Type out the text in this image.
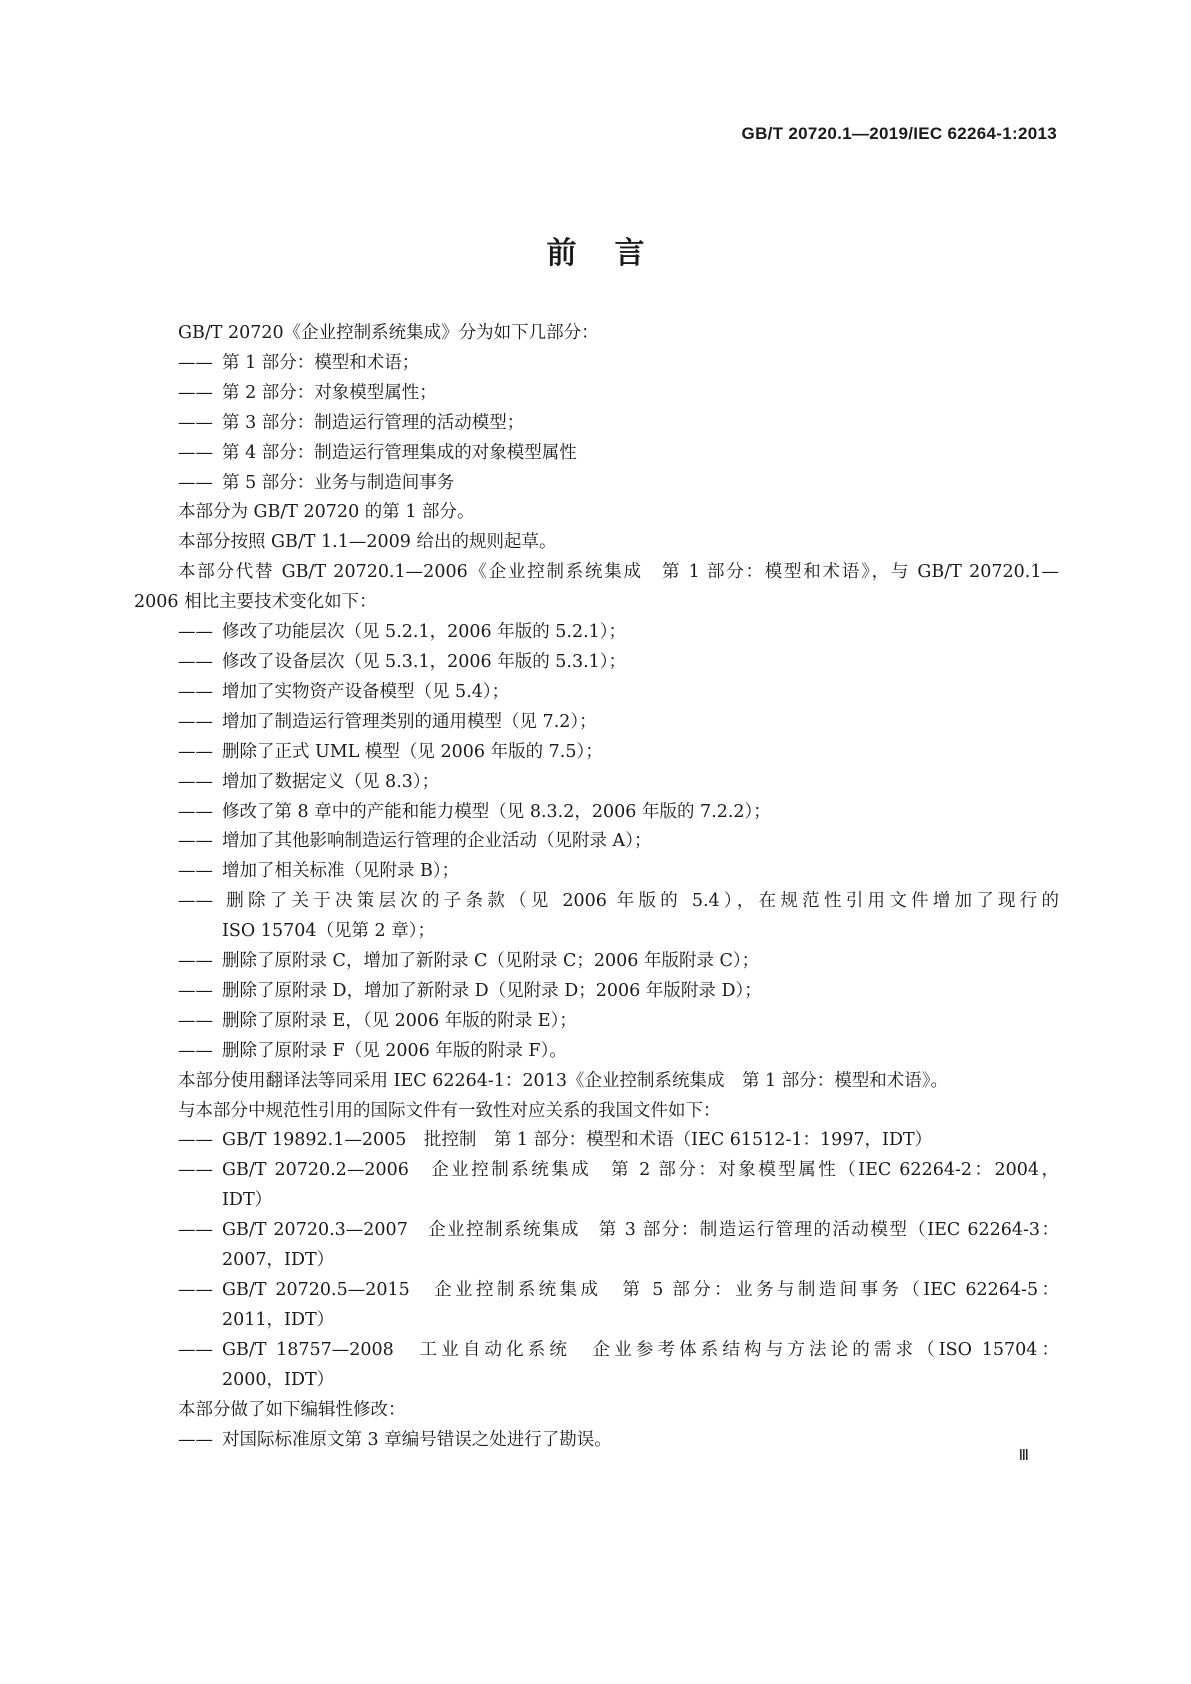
GB/T 20720.1—2019/IEC 62264-1:2013
前言

GB/T 20720《企业控制系统集成》分为如下几部分：

—— 第 1 部分：模型和术语；

—— 第 2 部分：对象模型属性；

—— 第 3 部分：制造运行管理的活动模型；

—— 第 4 部分：制造运行管理集成的对象模型属性

—— 第 5 部分：业务与制造间事务

本部分为 GB/T 20720 的第 1 部分。

本部分按照 GB/T 1.1—2009 给出的规则起草。

本部分代替 GB/T 20720.1—2006《企业控制系统集成　第 1 部分：模型和术语》，与 GB/T 20720.1—

2006 相比主要技术变化如下：

—— 修改了功能层次（见 5.2.1，2006 年版的 5.2.1）；

—— 修改了设备层次（见 5.3.1，2006 年版的 5.3.1）；

—— 增加了实物资产设备模型（见 5.4）；

—— 增加了制造运行管理类别的通用模型（见 7.2）；

—— 删除了正式 UML 模型（见 2006 年版的 7.5）；

—— 增加了数据定义（见 8.3）；

—— 修改了第 8 章中的产能和能力模型（见 8.3.2，2006 年版的 7.2.2）；

—— 增加了其他影响制造运行管理的企业活动（见附录 A）；

—— 增加了相关标准（见附录 B）；

—— 删除了关于决策层次的子条款（见 2006 年版的 5.4），在规范性引用文件增加了现行的

ISO 15704（见第 2 章）；

—— 删除了原附录 C，增加了新附录 C（见附录 C；2006 年版附录 C）；

—— 删除了原附录 D，增加了新附录 D（见附录 D；2006 年版附录 D）；

—— 删除了原附录 E，（见 2006 年版的附录 E）；

—— 删除了原附录 F（见 2006 年版的附录 F）。

本部分使用翻译法等同采用 IEC 62264-1：2013《企业控制系统集成　第 1 部分：模型和术语》。

与本部分中规范性引用的国际文件有一致性对应关系的我国文件如下：

—— GB/T 19892.1—2005　批控制　第 1 部分：模型和术语（IEC 61512-1：1997，IDT）

—— GB/T 20720.2—2006　企业控制系统集成　第 2 部分：对象模型属性（IEC 62264-2：2004，

IDT）

—— GB/T 20720.3—2007　企业控制系统集成　第 3 部分：制造运行管理的活动模型（IEC 62264-3：

2007，IDT）

—— GB/T 20720.5—2015　企业控制系统集成　第 5 部分：业务与制造间事务（IEC 62264-5：

2011，IDT）

—— GB/T 18757—2008　工业自动化系统　企业参考体系结构与方法论的需求（ISO 15704：

2000，IDT）

本部分做了如下编辑性修改：

—— 对国际标准原文第 3 章编号错误之处进行了勘误。

Ⅲ
